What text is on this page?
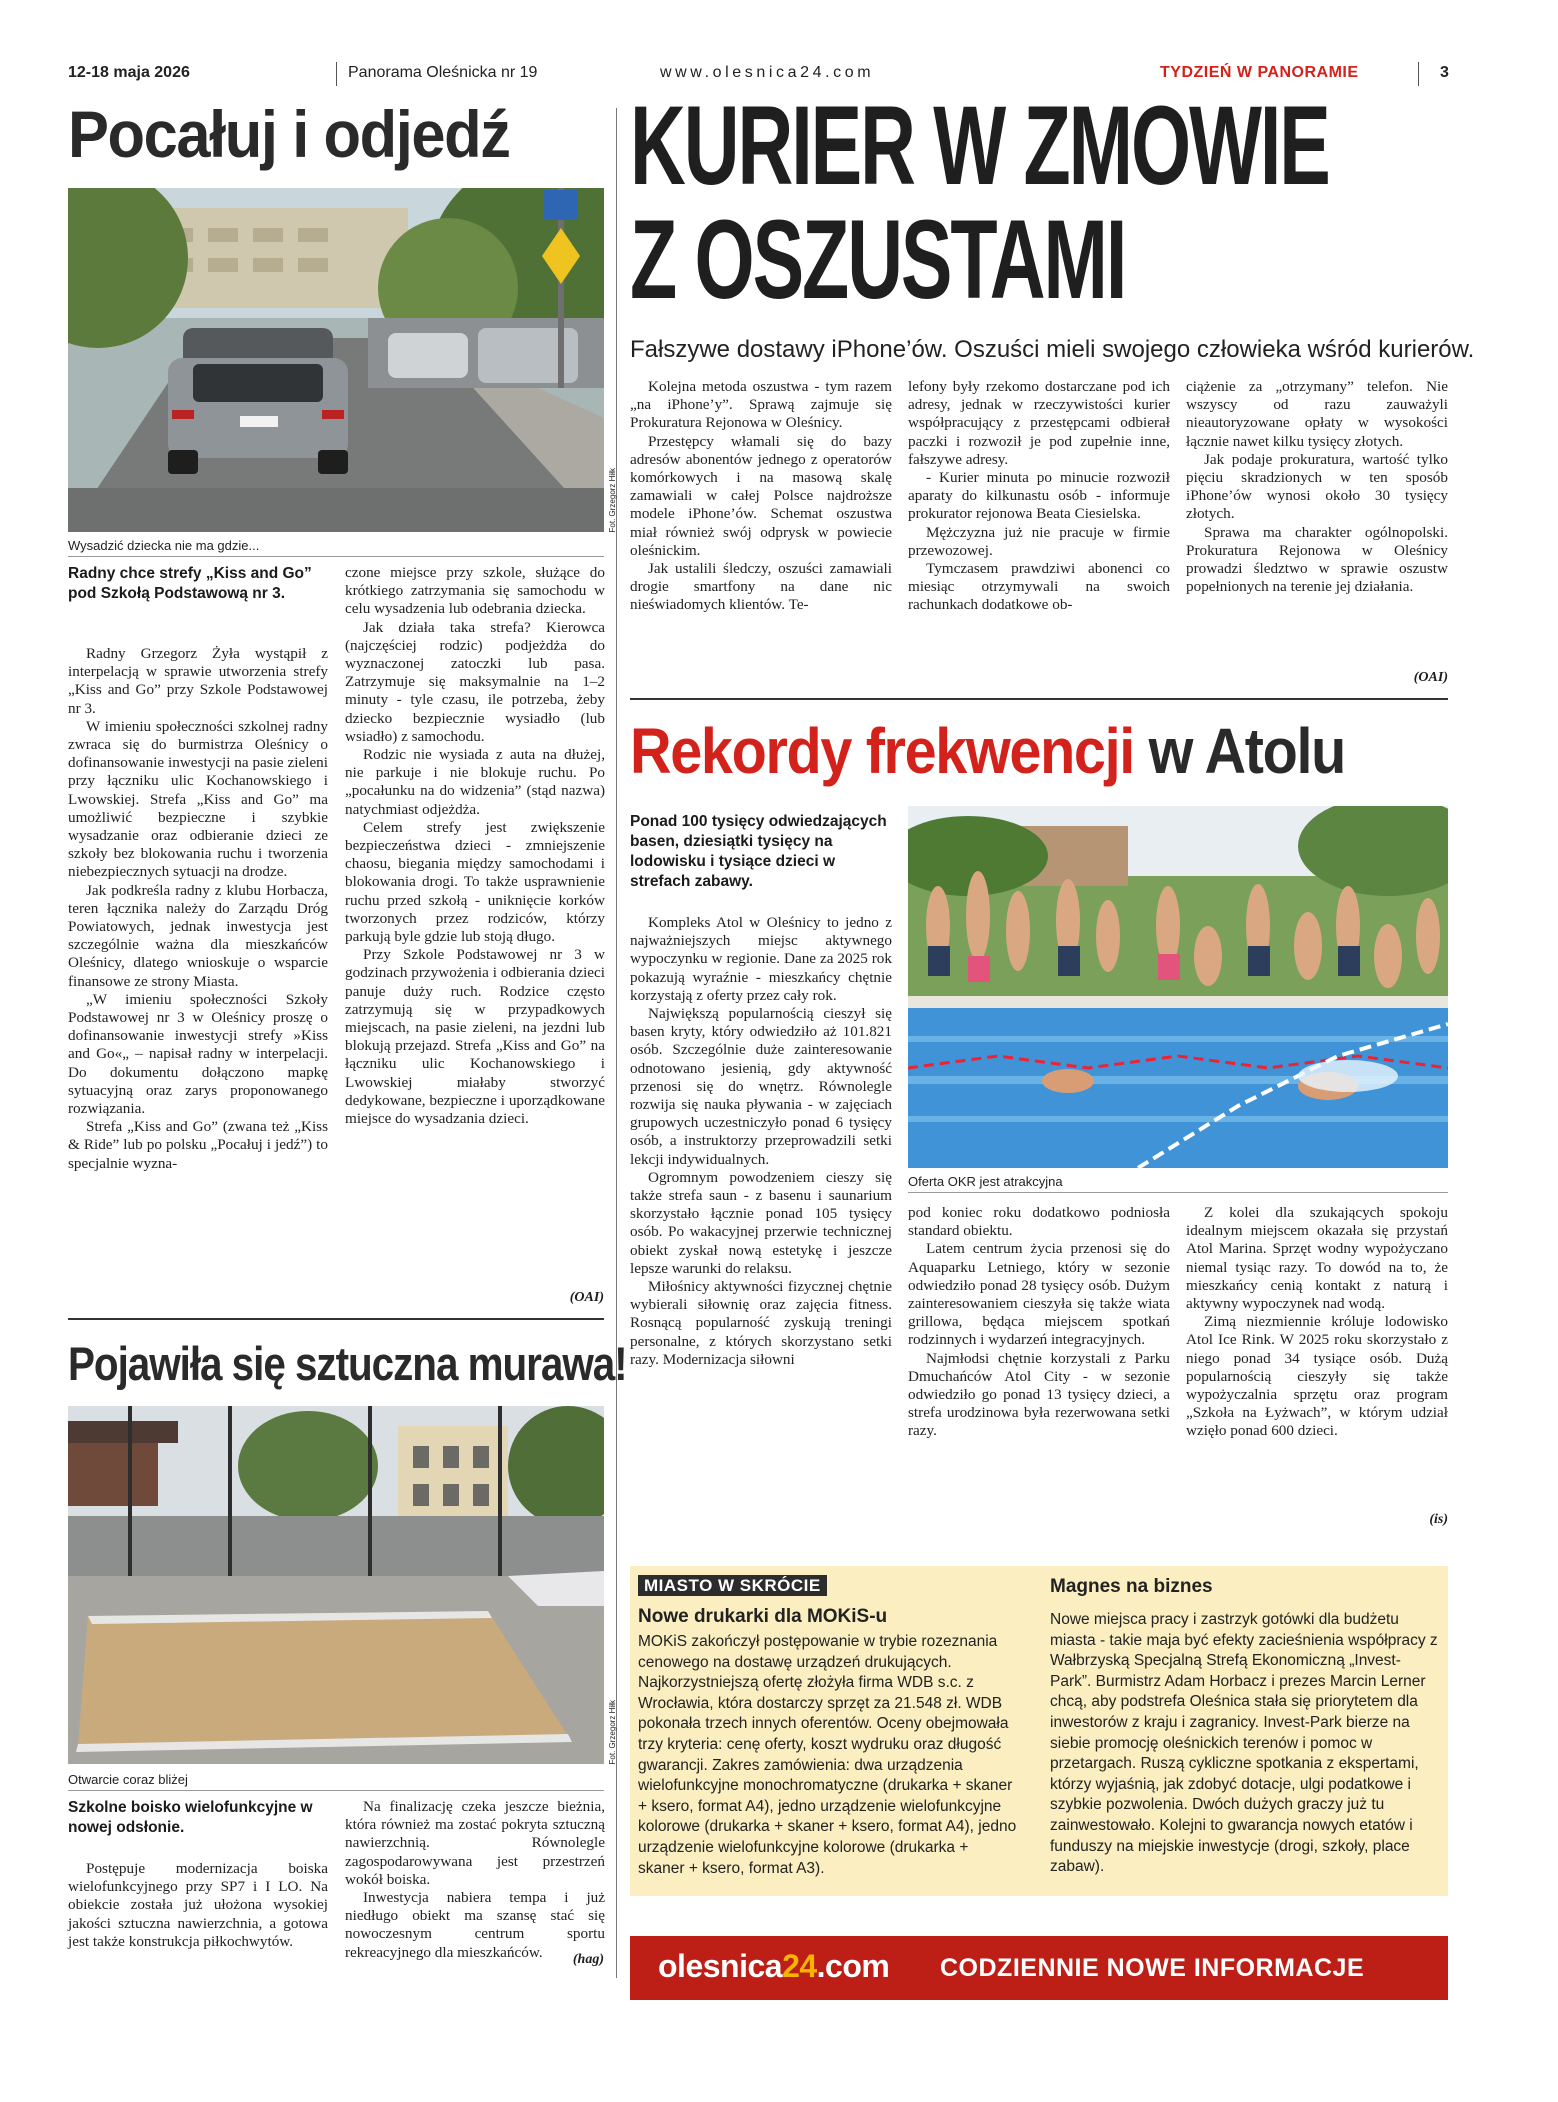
12-18 maja 2026	Panorama Oleśnicka nr 19	www.olesnica24.com	TYDZIEŃ W PANORAMIE	3
Pocałuj i odjedź
Fot. Grzegorz Hiłk
Wysadzić dziecka nie ma gdzie...
Radny chce strefy „Kiss and Go” pod Szkołą Podstawową nr 3.

Radny Grzegorz Żyła wystąpił z interpelacją w sprawie utworzenia strefy „Kiss and Go” przy Szkole Podstawowej nr 3.

W imieniu społeczności szkolnej radny zwraca się do burmistrza Oleśnicy o dofinansowanie inwestycji na pasie zieleni przy łączniku ulic Kochanowskiego i Lwowskiej. Strefa „Kiss and Go” ma umożliwić bezpieczne i szybkie wysadzanie oraz odbieranie dzieci ze szkoły bez blokowania ruchu i tworzenia niebezpiecznych sytuacji na drodze.

Jak podkreśla radny z klubu Horbacza, teren łącznika należy do Zarządu Dróg Powiatowych, jednak inwestycja jest szczególnie ważna dla mieszkańców Oleśnicy, dlatego wnioskuje o wsparcie finansowe ze strony Miasta.

„W imieniu społeczności Szkoły Podstawowej nr 3 w Oleśnicy proszę o dofinansowanie inwestycji strefy »Kiss and Go«„ – napisał radny w interpelacji. Do dokumentu dołączono mapkę sytuacyjną oraz zarys proponowanego rozwiązania.

Strefa „Kiss and Go” (zwana też „Kiss & Ride” lub po polsku „Pocałuj i jedź”) to specjalnie wyzna-

czone miejsce przy szkole, służące do krótkiego zatrzymania się samochodu w celu wysadzenia lub odebrania dziecka.

Jak działa taka strefa? Kierowca (najczęściej rodzic) podjeżdża do wyznaczonej zatoczki lub pasa. Zatrzymuje się maksymalnie na 1–2 minuty - tyle czasu, ile potrzeba, żeby dziecko bezpiecznie wysiadło (lub wsiadło) z samochodu.

Rodzic nie wysiada z auta na dłużej, nie parkuje i nie blokuje ruchu. Po „pocałunku na do widzenia” (stąd nazwa) natychmiast odjeżdża.

Celem strefy jest zwiększenie bezpieczeństwa dzieci - zmniejszenie chaosu, biegania między samochodami i blokowania drogi. To także usprawnienie ruchu przed szkołą - uniknięcie korków tworzonych przez rodziców, którzy parkują byle gdzie lub stoją długo.

Przy Szkole Podstawowej nr 3 w godzinach przywożenia i odbierania dzieci panuje duży ruch. Rodzice często zatrzymują się w przypadkowych miejscach, na pasie zieleni, na jezdni lub blokują przejazd. Strefa „Kiss and Go” na łączniku ulic Kochanowskiego i Lwowskiej miałaby stworzyć dedykowane, bezpieczne i uporządkowane miejsce do wysadzania dzieci.

(OAI)
Pojawiła się sztuczna murawa!
Fot. Grzegorz Hiłk
Otwarcie coraz bliżej
Szkolne boisko wielofunkcyjne w nowej odsłonie.

Postępuje modernizacja boiska wielofunkcyjnego przy SP7 i I LO. Na obiekcie została już ułożona wysokiej jakości sztuczna nawierzchnia, a gotowa jest także konstrukcja piłkochwytów.

Na finalizację czeka jeszcze bieżnia, która również ma zostać pokryta sztuczną nawierzchnią. Równolegle zagospodarowywana jest przestrzeń wokół boiska.

Inwestycja nabiera tempa i już niedługo obiekt ma szansę stać się nowoczesnym centrum sportu rekreacyjnego dla mieszkańców.	(hag)
KURIER W ZMOWIE
Z OSZUSTAMI
Fałszywe dostawy iPhone’ów. Oszuści mieli swojego człowieka wśród kurierów.

Kolejna metoda oszustwa - tym razem „na iPhone’y”. Sprawą zajmuje się Prokuratura Rejonowa w Oleśnicy.

Przestępcy włamali się do bazy adresów abonentów jednego z operatorów komórkowych i na masową skalę zamawiali w całej Polsce najdroższe modele iPhone’ów. Schemat oszustwa miał również swój odprysk w powiecie oleśnickim.

Jak ustalili śledczy, oszuści zamawiali drogie smartfony na dane nic nieświadomych klientów. Te-

lefony były rzekomo dostarczane pod ich adresy, jednak w rzeczywistości kurier współpracujący z przestępcami odbierał paczki i rozwoził je pod zupełnie inne, fałszywe adresy.

- Kurier minuta po minucie rozwoził aparaty do kilkunastu osób - informuje prokurator rejonowa Beata Ciesielska.

Mężczyzna już nie pracuje w firmie przewozowej.

Tymczasem prawdziwi abonenci co miesiąc otrzymywali na swoich rachunkach dodatkowe ob-

ciążenie za „otrzymany” telefon. Nie wszyscy od razu zauważyli nieautoryzowane opłaty w wysokości łącznie nawet kilku tysięcy złotych.

Jak podaje prokuratura, wartość tylko pięciu skradzionych w ten sposób iPhone’ów wynosi około 30 tysięcy złotych.

Sprawa ma charakter ogólnopolski. Prokuratura Rejonowa w Oleśnicy prowadzi śledztwo w sprawie oszustw popełnionych na terenie jej działania.

(OAI)
Rekordy frekwencji w Atolu
Ponad 100 tysięcy odwiedzających basen, dziesiątki tysięcy na lodowisku i tysiące dzieci w strefach zabawy.
Oferta OKR jest atrakcyjna

Kompleks Atol w Oleśnicy to jedno z najważniejszych miejsc aktywnego wypoczynku w regionie. Dane za 2025 rok pokazują wyraźnie - mieszkańcy chętnie korzystają z oferty przez cały rok.

Największą popularnością cieszył się basen kryty, który odwiedziło aż 101.821 osób. Szczególnie duże zainteresowanie odnotowano jesienią, gdy aktywność przenosi się do wnętrz. Równolegle rozwija się nauka pływania - w zajęciach grupowych uczestniczyło ponad 6 tysięcy osób, a instruktorzy przeprowadzili setki lekcji indywidualnych.

Ogromnym powodzeniem cieszy się także strefa saun - z basenu i saunarium skorzystało łącznie ponad 105 tysięcy osób. Po wakacyjnej przerwie technicznej obiekt zyskał nową estetykę i jeszcze lepsze warunki do relaksu.

Miłośnicy aktywności fizycznej chętnie wybierali siłownię oraz zajęcia fitness. Rosnącą popularność zyskują treningi personalne, z których skorzystano setki razy. Modernizacja siłowni

pod koniec roku dodatkowo podniosła standard obiektu.

Latem centrum życia przenosi się do Aquaparku Letniego, który w sezonie odwiedziło ponad 28 tysięcy osób. Dużym zainteresowaniem cieszyła się także wiata grillowa, będąca miejscem spotkań rodzinnych i wydarzeń integracyjnych.

Najmłodsi chętnie korzystali z Parku Dmuchańców Atol City - w sezonie odwiedziło go ponad 13 tysięcy dzieci, a strefa urodzinowa była rezerwowana setki razy.

Z kolei dla szukających spokoju idealnym miejscem okazała się przystań Atol Marina. Sprzęt wodny wypożyczano niemal tysiąc razy. To dowód na to, że mieszkańcy cenią kontakt z naturą i aktywny wypoczynek nad wodą.

Zimą niezmiennie króluje lodowisko Atol Ice Rink. W 2025 roku skorzystało z niego ponad 34 tysiące osób. Dużą popularnością cieszyły się także wypożyczalnia sprzętu oraz program „Szkoła na Łyżwach”, w którym udział wzięło ponad 600 dzieci.

(is)
MIASTO W SKRÓCIE
Nowe drukarki dla MOKiS-u
MOKiS zakończył postępowanie w trybie rozeznania cenowego na dostawę urządzeń drukujących. Najkorzystniejszą ofertę złożyła firma WDB s.c. z Wrocławia, która dostarczy sprzęt za 21.548 zł. WDB pokonała trzech innych oferentów. Oceny obejmowała trzy kryteria: cenę oferty, koszt wydruku oraz długość gwarancji. Zakres zamówienia: dwa urządzenia wielofunkcyjne monochromatyczne (drukarka + skaner + ksero, format A4), jedno urządzenie wielofunkcyjne kolorowe (drukarka + skaner + ksero, format A4), jedno urządzenie wielofunkcyjne kolorowe (drukarka + skaner + ksero, format A3).
Magnes na biznes
Nowe miejsca pracy i zastrzyk gotówki dla budżetu miasta - takie maja być efekty zacieśnienia współpracy z Wałbrzyską Specjalną Strefą Ekonomiczną „Invest-Park”. Burmistrz Adam Horbacz i prezes Marcin Lerner chcą, aby podstrefa Oleśnica stała się priorytetem dla inwestorów z kraju i zagranicy. Invest-Park bierze na siebie promocję oleśnickich terenów i pomoc w przetargach. Ruszą cykliczne spotkania z ekspertami, którzy wyjaśnią, jak zdobyć dotacje, ulgi podatkowe i szybkie pozwolenia. Dwóch dużych graczy już tu zainwestowało. Kolejni to gwarancja nowych etatów i funduszy na miejskie inwestycje (drogi, szkoły, place zabaw).
olesnica24.com CODZIENNIE NOWE INFORMACJE
